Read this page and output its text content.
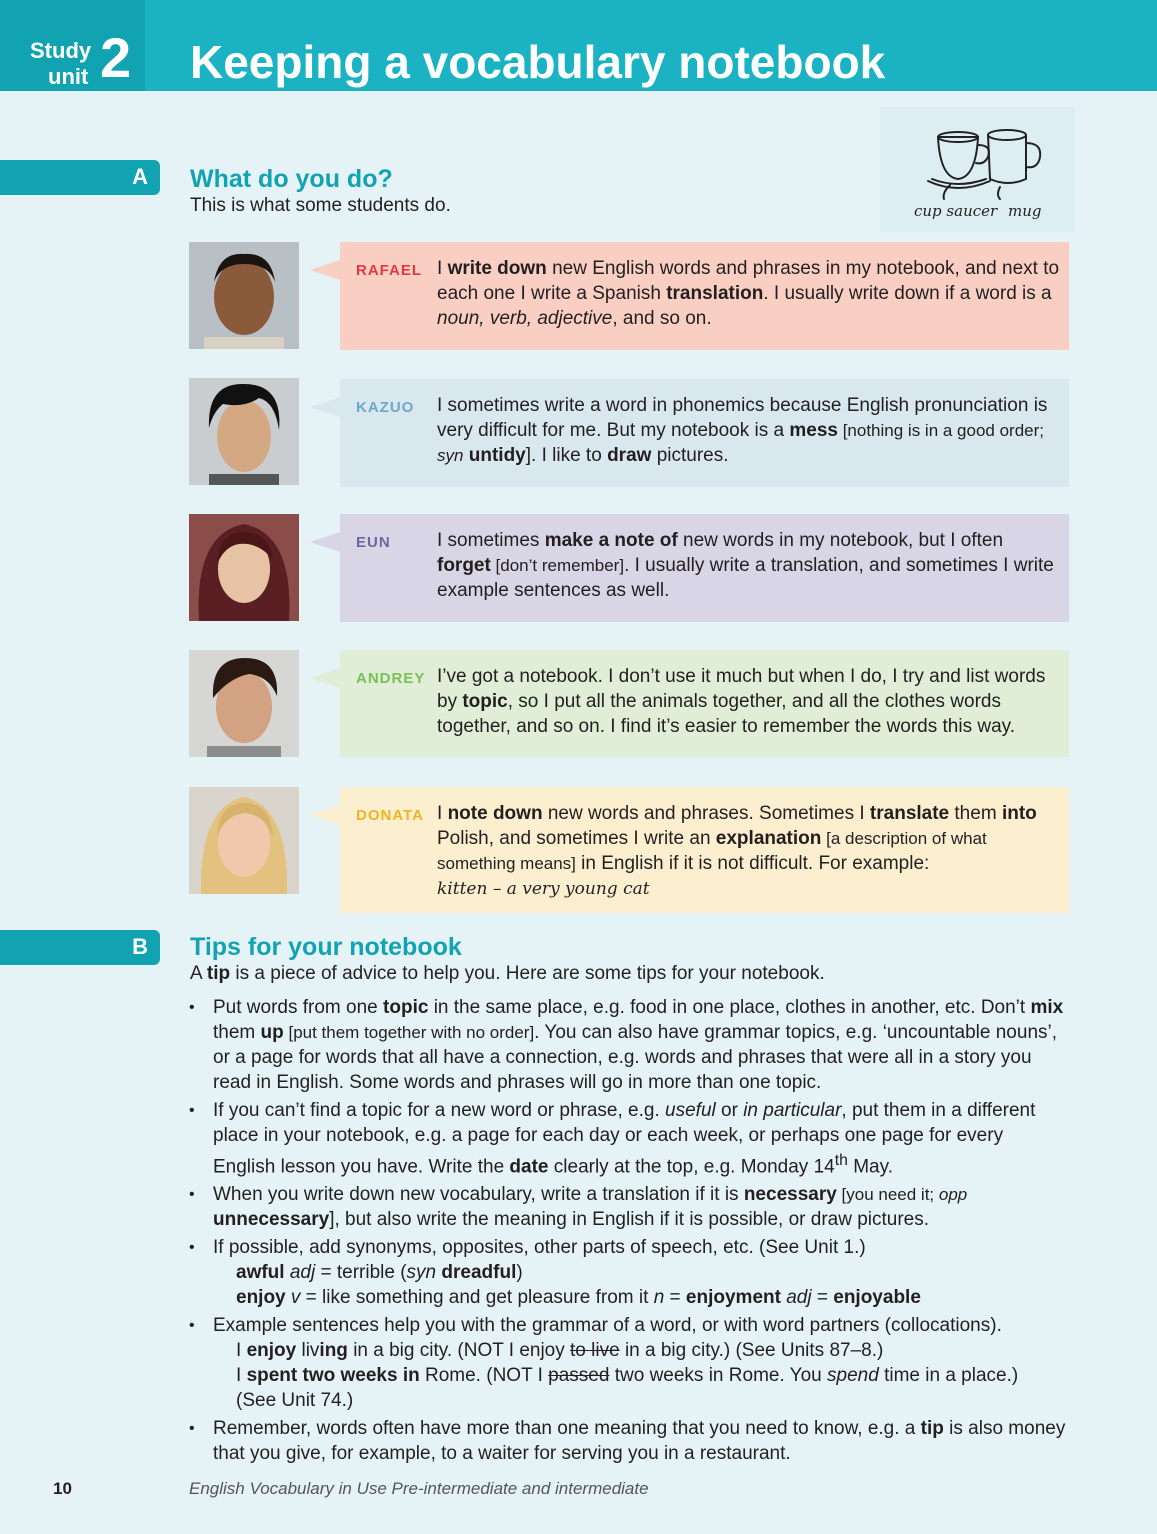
Study
unit 2 Keeping a vocabulary notebook
A What do you do?

This is what some students do.	cup saucer mug
RAFAEL I write down new English words and phrases in my notebook, and next to each one I write a Spanish translation. I usually write down if a word is a noun, verb, adjective, and so on.
KAZUO I sometimes write a word in phonemics because English pronunciation is very difficult for me. But my notebook is a mess [nothing is in a good order; syn untidy]. I like to draw pictures.
EUN I sometimes make a note of new words in my notebook, but I often forget [don’t remember]. I usually write a translation, and sometimes I write example sentences as well.
ANDREY I’ve got a notebook. I don’t use it much but when I do, I try and list words by topic, so I put all the animals together, and all the clothes words together, and so on. I find it’s easier to remember the words this way.
DONATA I note down new words and phrases. Sometimes I translate them into Polish, and sometimes I write an explanation [a description of what something means] in English if it is not difficult. For example:
kitten – a very young cat
B Tips for your notebook

A tip is a piece of advice to help you. Here are some tips for your notebook.

• Put words from one topic in the same place, e.g. food in one place, clothes in another, etc. Don’t mix them up [put them together with no order]. You can also have grammar topics, e.g. ‘uncountable nouns’, or a page for words that all have a connection, e.g. words and phrases that were all in a story you read in English. Some words and phrases will go in more than one topic.
• If you can’t find a topic for a new word or phrase, e.g. useful or in particular, put them in a different place in your notebook, e.g. a page for each day or each week, or perhaps one page for every English lesson you have. Write the date clearly at the top, e.g. Monday 14th May.
• When you write down new vocabulary, write a translation if it is necessary [you need it; opp
unnecessary], but also write the meaning in English if it is possible, or draw pictures.
• If possible, add synonyms, opposites, other parts of speech, etc. (See Unit 1.)
awful adj = terrible (syn dreadful)
enjoy v = like something and get pleasure from it n = enjoyment adj = enjoyable
• Example sentences help you with the grammar of a word, or with word partners (collocations).
I enjoy living in a big city. (NOT I enjoy to live in a big city.) (See Units 87–8.)
I spent two weeks in Rome. (NOT I passed two weeks in Rome. You spend time in a place.)
(See Unit 74.)
• Remember, words often have more than one meaning that you need to know, e.g. a tip is also money that you give, for example, to a waiter for serving you in a restaurant.
10	English Vocabulary in Use Pre-intermediate and intermediate
